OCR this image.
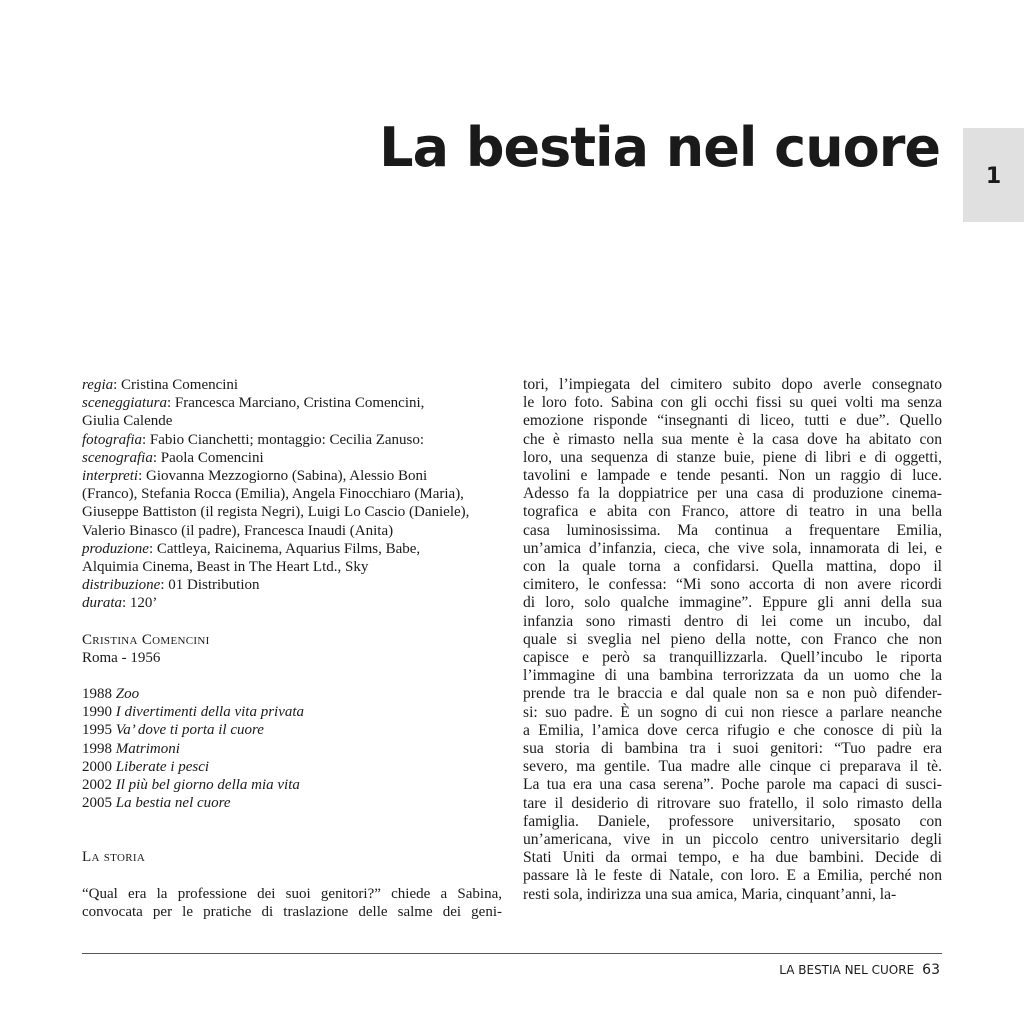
La bestia nel cuore	1
regia: Cristina Comencini
sceneggiatura: Francesca Marciano, Cristina Comencini,
Giulia Calende
fotografia: Fabio Cianchetti; montaggio: Cecilia Zanuso:
scenografia: Paola Comencini
interpreti: Giovanna Mezzogiorno (Sabina), Alessio Boni
(Franco), Stefania Rocca (Emilia), Angela Finocchiaro (Maria),
Giuseppe Battiston (il regista Negri), Luigi Lo Cascio (Daniele),
Valerio Binasco (il padre), Francesca Inaudi (Anita)
produzione: Cattleya, Raicinema, Aquarius Films, Babe,
Alquimia Cinema, Beast in The Heart Ltd., Sky
distribuzione: 01 Distribution
durata: 120’
Cristina Comencini
Roma - 1956
1988 Zoo
1990 I divertimenti della vita privata
1995 Va’ dove ti porta il cuore
1998 Matrimoni
2000 Liberate i pesci
2002 Il più bel giorno della mia vita
2005 La bestia nel cuore
La storia
“Qual era la professione dei suoi genitori?” chiede a Sabina,
convocata per le pratiche di traslazione delle salme dei geni-
tori, l’impiegata del cimitero subito dopo averle consegnato
le loro foto. Sabina con gli occhi fissi su quei volti ma senza
emozione risponde “insegnanti di liceo, tutti e due”. Quello
che è rimasto nella sua mente è la casa dove ha abitato con
loro, una sequenza di stanze buie, piene di libri e di oggetti,
tavolini e lampade e tende pesanti. Non un raggio di luce.
Adesso fa la doppiatrice per una casa di produzione cinema-
tografica e abita con Franco, attore di teatro in una bella
casa luminosissima. Ma continua a frequentare Emilia,
un’amica d’infanzia, cieca, che vive sola, innamorata di lei, e
con la quale torna a confidarsi. Quella mattina, dopo il
cimitero, le confessa: “Mi sono accorta di non avere ricordi
di loro, solo qualche immagine”. Eppure gli anni della sua
infanzia sono rimasti dentro di lei come un incubo, dal
quale si sveglia nel pieno della notte, con Franco che non
capisce e però sa tranquillizzarla. Quell’incubo le riporta
l’immagine di una bambina terrorizzata da un uomo che la
prende tra le braccia e dal quale non sa e non può difender-
si: suo padre. È un sogno di cui non riesce a parlare neanche
a Emilia, l’amica dove cerca rifugio e che conosce di più la
sua storia di bambina tra i suoi genitori: “Tuo padre era
severo, ma gentile. Tua madre alle cinque ci preparava il tè.
La tua era una casa serena”. Poche parole ma capaci di susci-
tare il desiderio di ritrovare suo fratello, il solo rimasto della
famiglia. Daniele, professore universitario, sposato con
un’americana, vive in un piccolo centro universitario degli
Stati Uniti da ormai tempo, e ha due bambini. Decide di
passare là le feste di Natale, con loro. E a Emilia, perché non
resti sola, indirizza una sua amica, Maria, cinquant’anni, la-
LA BESTIA NEL CUORE 63
